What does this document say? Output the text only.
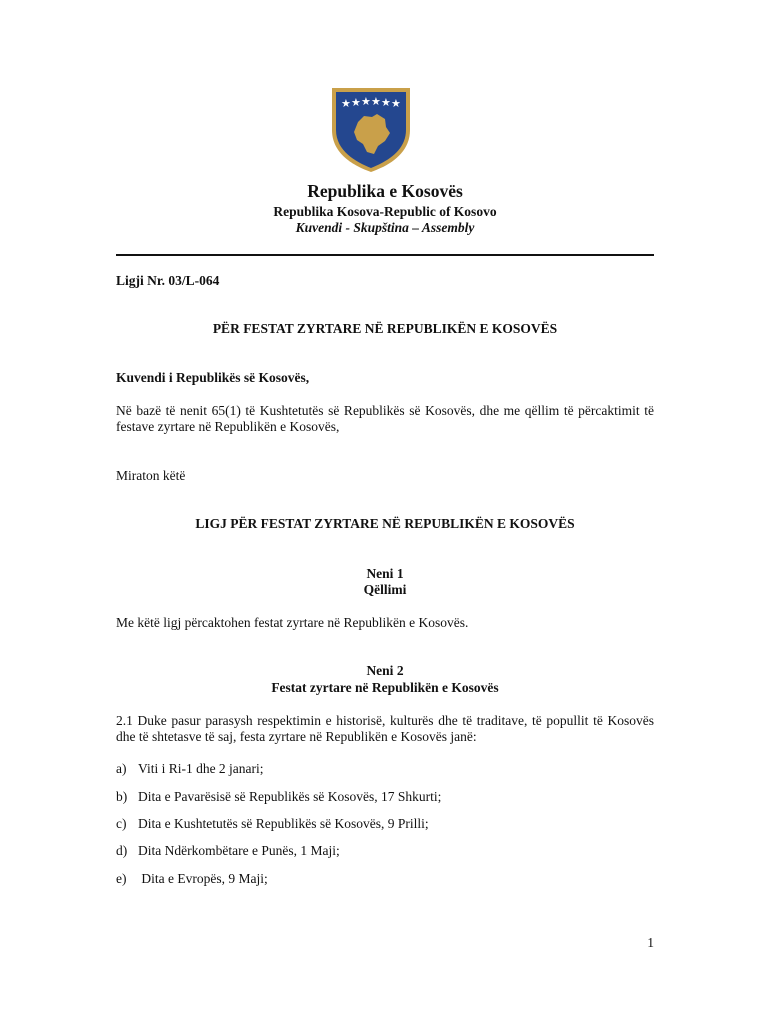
★ ★ ★ ★ ★ ★
Republika e Kosovës
Republika Kosova-Republic of Kosovo
Kuvendi - Skupština – Assembly
Ligji Nr. 03/L-064
PËR FESTAT ZYRTARE NË REPUBLIKËN E KOSOVËS
Kuvendi i Republikës së Kosovës,
Në bazë të nenit 65(1) të Kushtetutës së Republikës së Kosovës, dhe me qëllim të përcaktimit të festave zyrtare në Republikën e Kosovës,
Miraton këtë
LIGJ PËR FESTAT ZYRTARE NË REPUBLIKËN E KOSOVËS
Neni 1
Qëllimi
Me këtë ligj përcaktohen festat zyrtare në Republikën e Kosovës.
Neni 2
Festat zyrtare në Republikën e Kosovës
2.1 Duke pasur parasysh respektimin e historisë, kulturës dhe të traditave, të popullit të Kosovës dhe të shtetasve të saj, festa zyrtare në Republikën e Kosovës janë:
a) Viti i Ri-1 dhe 2 janari;
b) Dita e Pavarësisë së Republikës së Kosovës, 17 Shkurti;
c) Dita e Kushtetutës së Republikës së Kosovës, 9 Prilli;
d) Dita Ndërkombëtare e Punës, 1 Maji;
e) Dita e Evropës, 9 Maji;
1
